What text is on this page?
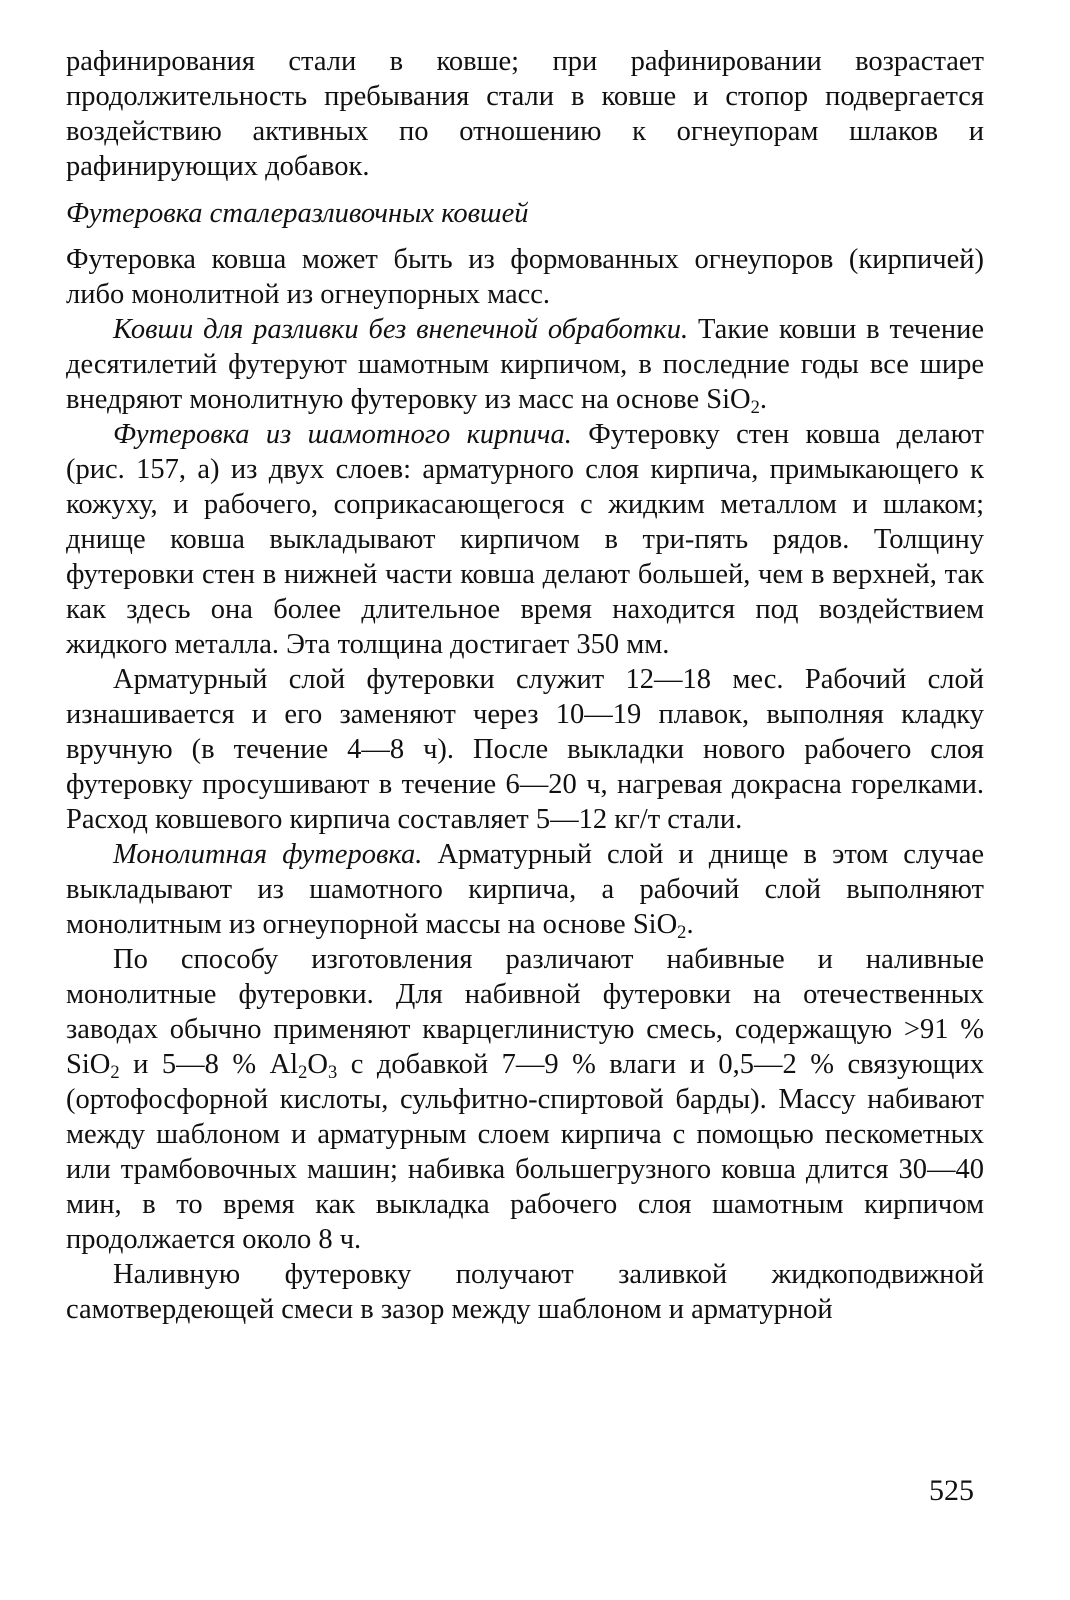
рафинирования стали в ковше; при рафинировании возрастает продолжительность пребывания стали в ковше и стопор подвергается воздействию активных по отношению к огнеупорам шлаков и рафинирующих добавок.

Футеровка сталеразливочных ковшей

Футеровка ковша может быть из формованных огнеупоров (кирпичей) либо монолитной из огнеупорных масс.

Ковши для разливки без внепечной обработки. Такие ковши в течение десятилетий футеруют шамотным кирпичом, в последние годы все шире внедряют монолитную футеровку из масс на основе SiO$_2$.

Футеровка из шамотного кирпича. Футеровку стен ковша делают (рис. 157, а) из двух слоев: арматурного слоя кирпича, примыкающего к кожуху, и рабочего, соприкасающегося с жидким металлом и шлаком; днище ковша выкладывают кирпичом в три-пять рядов. Толщину футеровки стен в нижней части ковша делают большей, чем в верхней, так как здесь она более длительное время находится под воздействием жидкого металла. Эта толщина достигает 350 мм.

Арматурный слой футеровки служит 12—18 мес. Рабочий слой изнашивается и его заменяют через 10—19 плавок, выполняя кладку вручную (в течение 4—8 ч). После выкладки нового рабочего слоя футеровку просушивают в течение 6—20 ч, нагревая докрасна горелками. Расход ковшевого кирпича составляет 5—12 кг/т стали.

Монолитная футеровка. Арматурный слой и днище в этом случае выкладывают из шамотного кирпича, а рабочий слой выполняют монолитным из огнеупорной массы на основе SiO$_2$.

По способу изготовления различают набивные и наливные монолитные футеровки. Для набивной футеровки на отечественных заводах обычно применяют кварцеглинистую смесь, содержащую >91 % SiO$_2$ и 5—8 % $Al_2O_3$ с добавкой 7—9 % влаги и 0,5—2 % связующих (ортофосфорной кислоты, сульфитно-спиртовой барды). Массу набивают между шаблоном и арматурным слоем кирпича с помощью пескометных или трамбовочных машин; набивка большегрузного ковша длится 30—40 мин, в то время как выкладка рабочего слоя шамотным кирпичом продолжается около 8 ч.

Наливную футеровку получают заливкой жидкоподвижной самотвердеющей смеси в зазор между шаблоном и арматурной

525
